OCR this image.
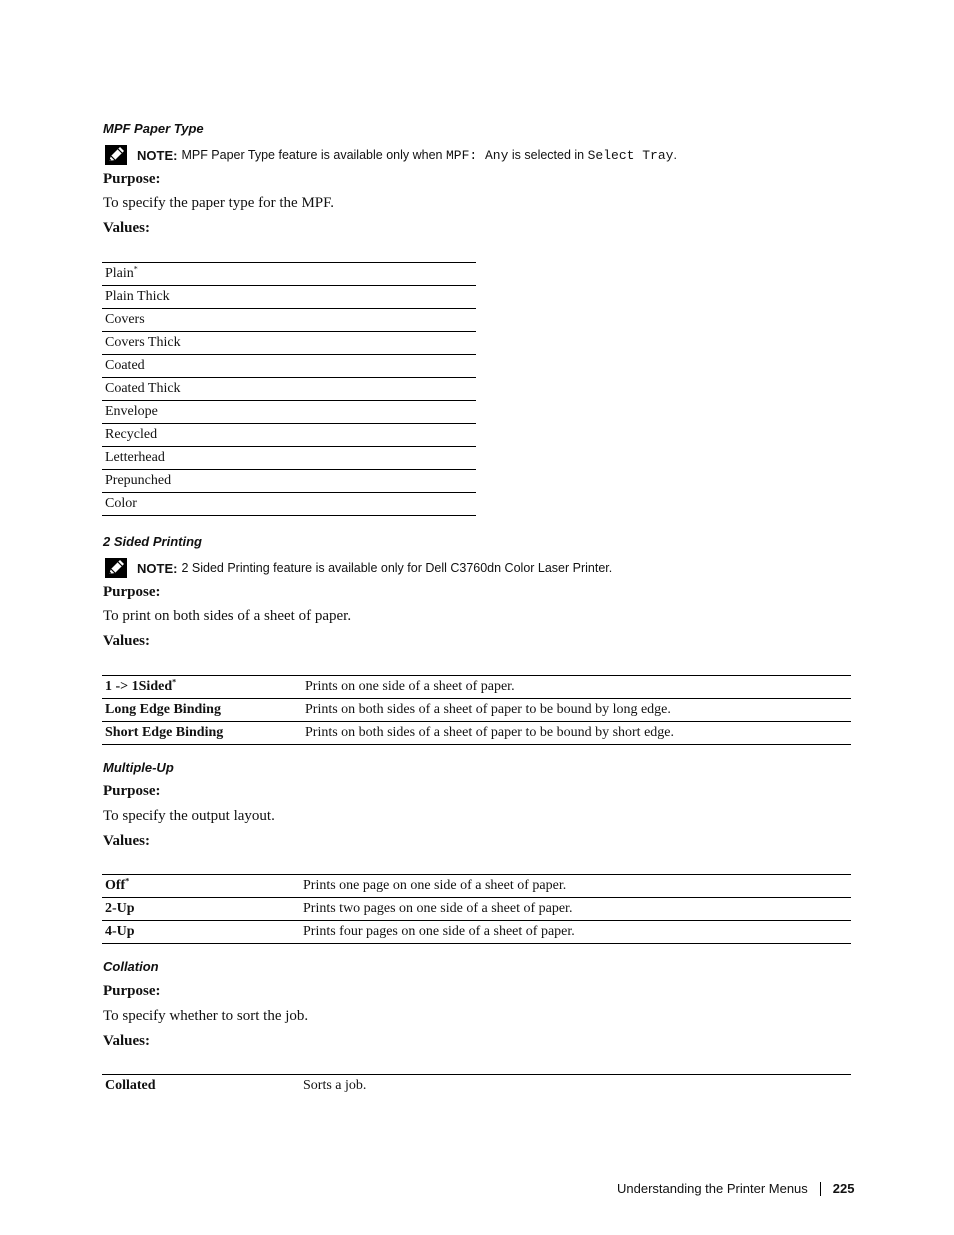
MPF Paper Type
NOTE: MPF Paper Type feature is available only when
MPF: Any
is selected in
Select Tray .
Purpose:
To specify the paper type for the MPF.
Values:
Plain*
Plain Thick
Covers
Covers Thick
Coated
Coated Thick
Envelope
Recycled
Letterhead
Prepunched
Color
2 Sided Printing
NOTE: 2 Sided Printing feature is available only for Dell C3760dn Color Laser Printer.
Purpose:
To print on both sides of a sheet of paper.
Values:
1 -> 1Sided*	Prints on one side of a sheet of paper.
Long Edge Binding	Prints on both sides of a sheet of paper to be bound by long edge.
Short Edge Binding	Prints on both sides of a sheet of paper to be bound by short edge.
Multiple-Up
Purpose:
To specify the output layout.
Values:
Off*	Prints one page on one side of a sheet of paper.
2-Up	Prints two pages on one side of a sheet of paper.
4-Up	Prints four pages on one side of a sheet of paper.
Collation
Purpose:
To specify whether to sort the job.
Values:
Collated	Sorts a job.
Understanding the Printer Menus 225
